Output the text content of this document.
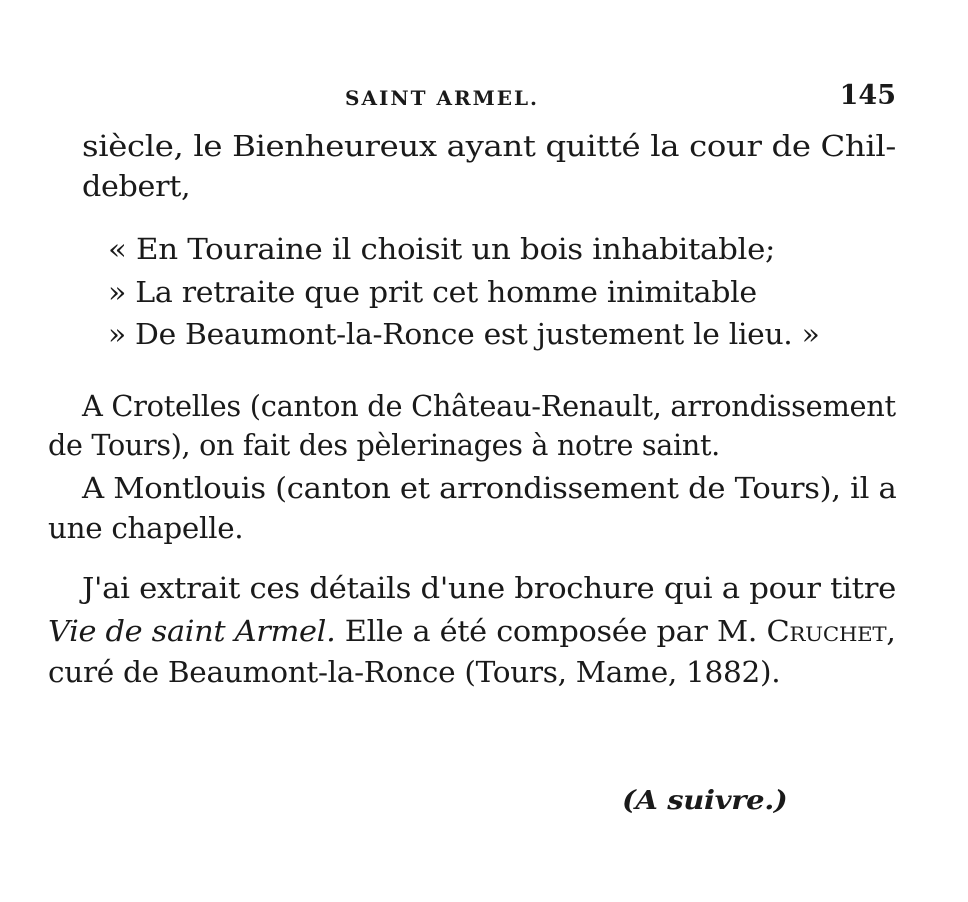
SAINT ARMEL.	145
siècle, le Bienheureux ayant quitté la cour de Chil-
debert,
« En Touraine il choisit un bois inhabitable;
» La retraite que prit cet homme inimitable
» De Beaumont-la-Ronce est justement le lieu. »
A Crotelles (canton de Château-Renault, arrondissement
de Tours), on fait des pèlerinages à notre saint.
A Montlouis (canton et arrondissement de Tours), il a
une chapelle.
J'ai extrait ces détails d'une brochure qui a pour titre
Vie de saint Armel. Elle a été composée par M. Cruchet,
curé de Beaumont-la-Ronce (Tours, Mame, 1882).
(A suivre.)
